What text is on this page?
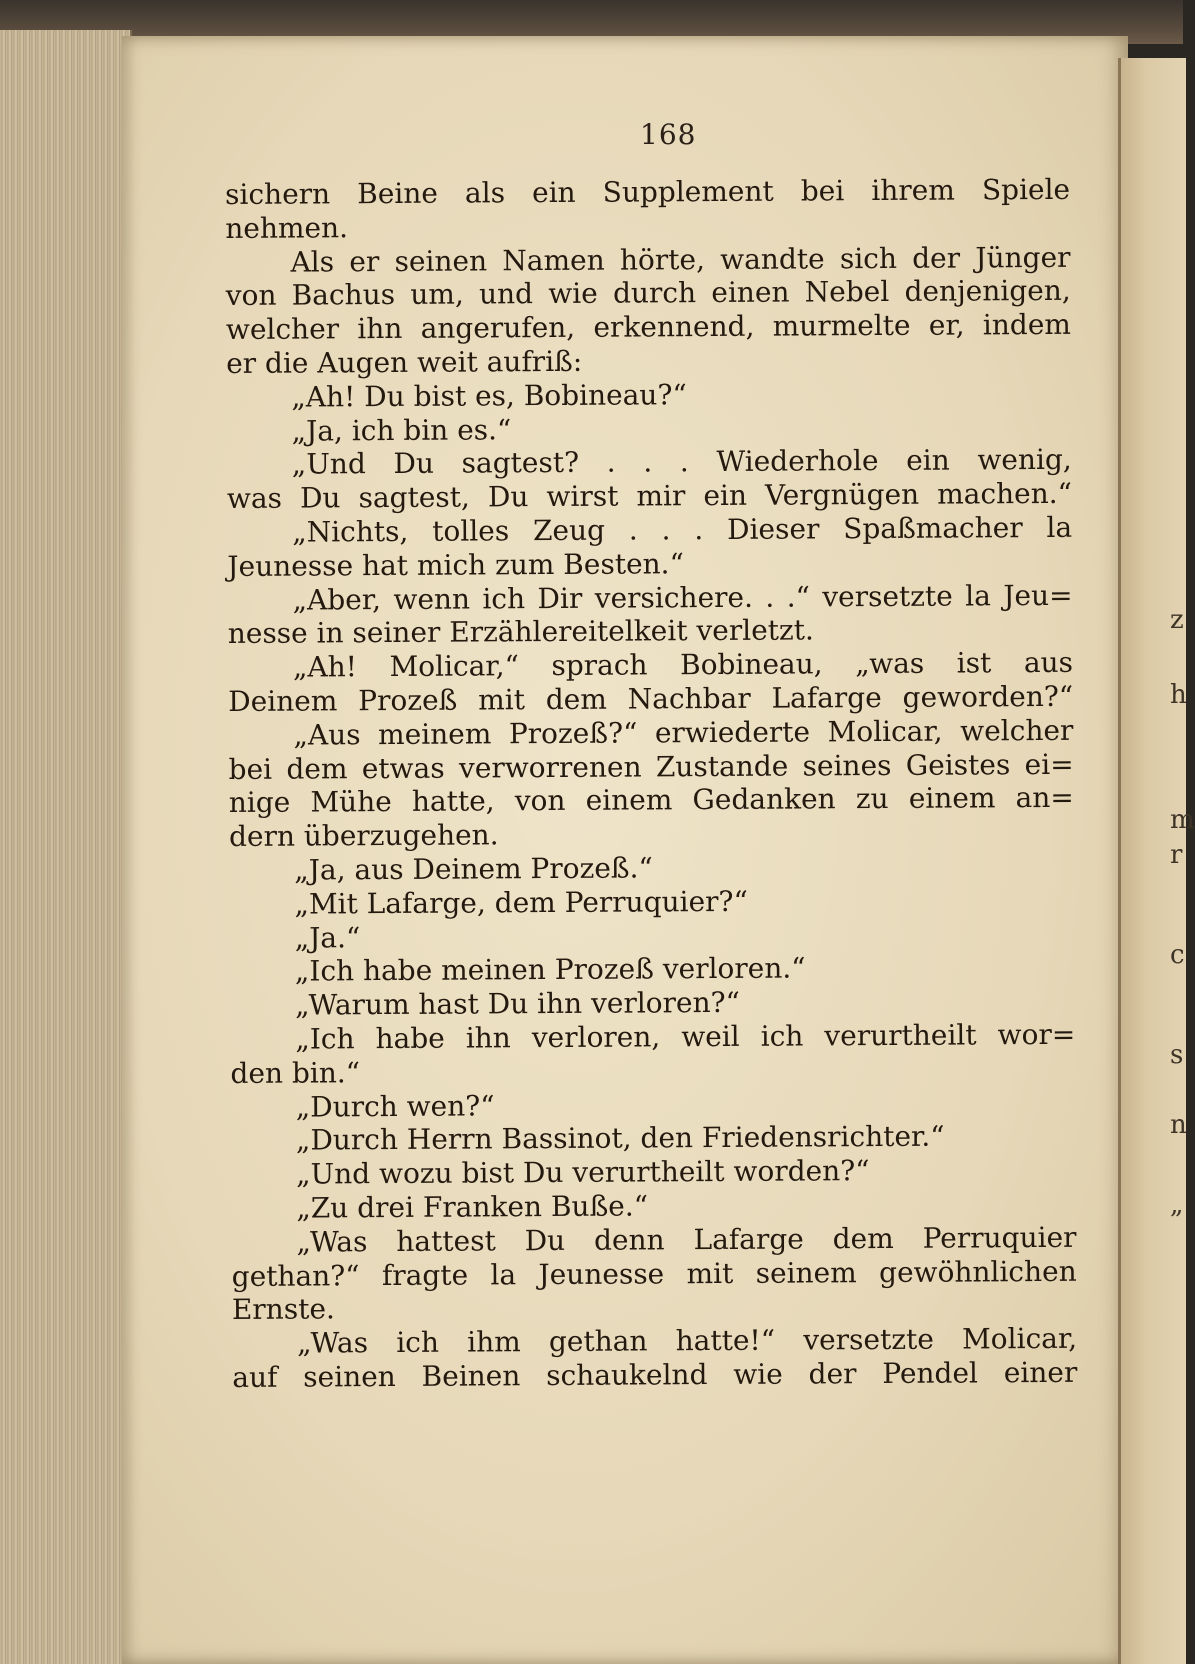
z
h
m
r
c
s
n
„
168
sichern Beine als ein Supplement bei ihrem Spiele
nehmen.
Als er seinen Namen hörte, wandte sich der Jünger
von Bachus um, und wie durch einen Nebel denjenigen,
welcher ihn angerufen, erkennend, murmelte er, indem
er die Augen weit aufriß:
„Ah! Du bist es, Bobineau?“
„Ja, ich bin es.“
„Und Du sagtest? . . . Wiederhole ein wenig,
was Du sagtest, Du wirst mir ein Vergnügen machen.“
„Nichts, tolles Zeug . . . Dieser Spaßmacher la
Jeunesse hat mich zum Besten.“
„Aber, wenn ich Dir versichere. . .“ versetzte la Jeu=
nesse in seiner Erzählereitelkeit verletzt.
„Ah! Molicar,“ sprach Bobineau, „was ist aus
Deinem Prozeß mit dem Nachbar Lafarge geworden?“
„Aus meinem Prozeß?“ erwiederte Molicar, welcher
bei dem etwas verworrenen Zustande seines Geistes ei=
nige Mühe hatte, von einem Gedanken zu einem an=
dern überzugehen.
„Ja, aus Deinem Prozeß.“
„Mit Lafarge, dem Perruquier?“
„Ja.“
„Ich habe meinen Prozeß verloren.“
„Warum hast Du ihn verloren?“
„Ich habe ihn verloren, weil ich verurtheilt wor=
den bin.“
„Durch wen?“
„Durch Herrn Bassinot, den Friedensrichter.“
„Und wozu bist Du verurtheilt worden?“
„Zu drei Franken Buße.“
„Was hattest Du denn Lafarge dem Perruquier
gethan?“ fragte la Jeunesse mit seinem gewöhnlichen
Ernste.
„Was ich ihm gethan hatte!“ versetzte Molicar,
auf seinen Beinen schaukelnd wie der Pendel einer
